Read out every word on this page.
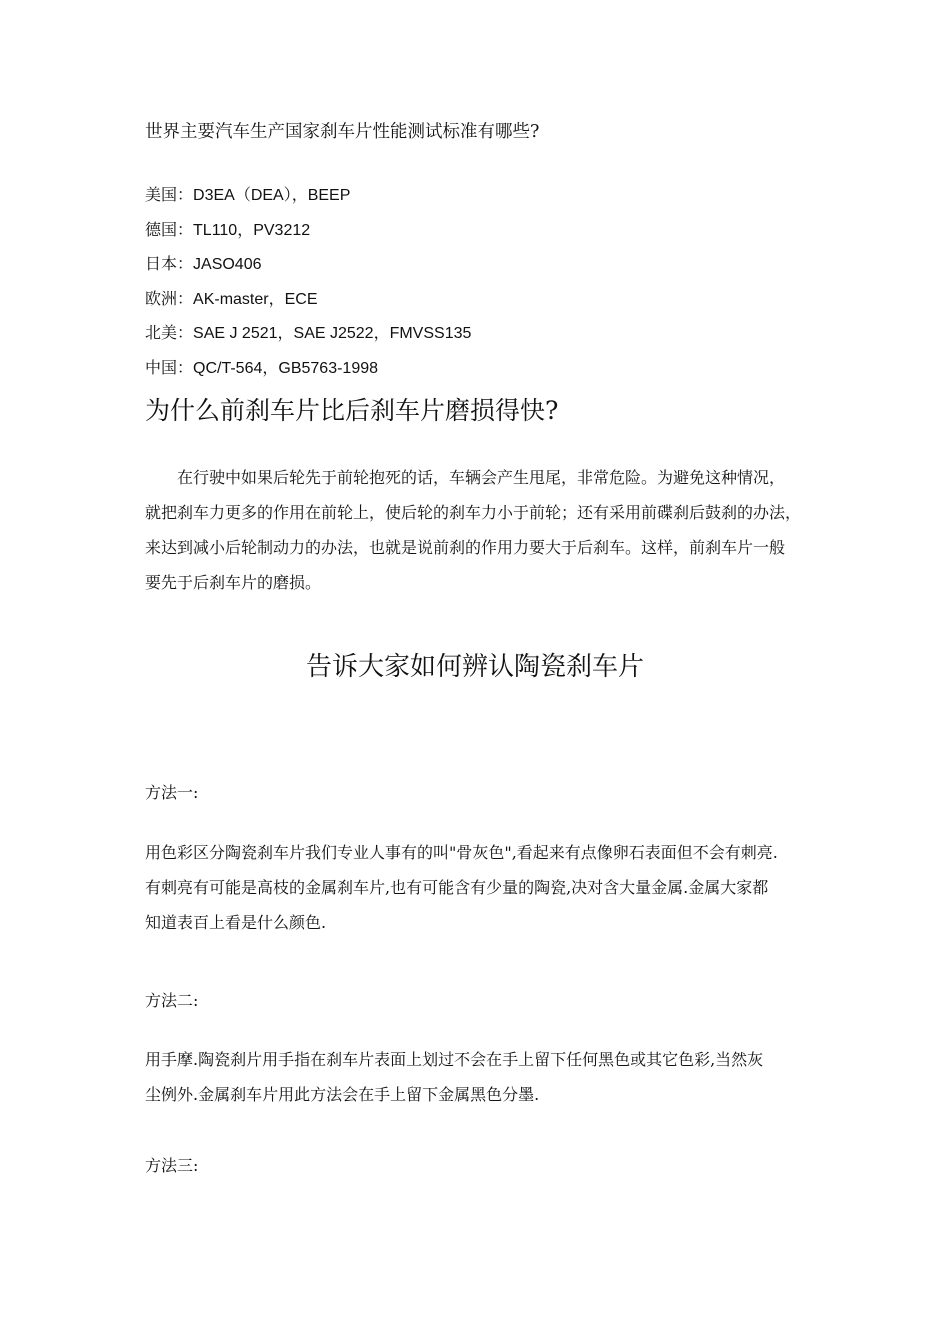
世界主要汽车生产国家刹车片性能测试标准有哪些?
美国：D3EA（DEA），BEEP
德国：TL110，PV3212
日本：JASO406
欧洲：AK-master，ECE
北美：SAE J 2521，SAE J2522，FMVSS135
中国：QC/T-564，GB5763-1998
为什么前刹车片比后刹车片磨损得快?
　　在行驶中如果后轮先于前轮抱死的话，车辆会产生甩尾，非常危险。为避免这种情况，
就把刹车力更多的作用在前轮上，使后轮的刹车力小于前轮；还有采用前碟刹后鼓刹的办法，
来达到减小后轮制动力的办法，也就是说前刹的作用力要大于后刹车。这样，前刹车片一般
要先于后刹车片的磨损。
告诉大家如何辨认陶瓷刹车片
方法一:
用色彩区分陶瓷刹车片我们专业人事有的叫"骨灰色",看起来有点像卵石表面但不会有刺亮.
有刺亮有可能是高枝的金属刹车片,也有可能含有少量的陶瓷,决对含大量金属.金属大家都
知道表百上看是什么颜色.
方法二:
用手摩.陶瓷刹片用手指在刹车片表面上划过不会在手上留下任何黑色或其它色彩,当然灰
尘例外.金属刹车片用此方法会在手上留下金属黑色分墨.
方法三:
